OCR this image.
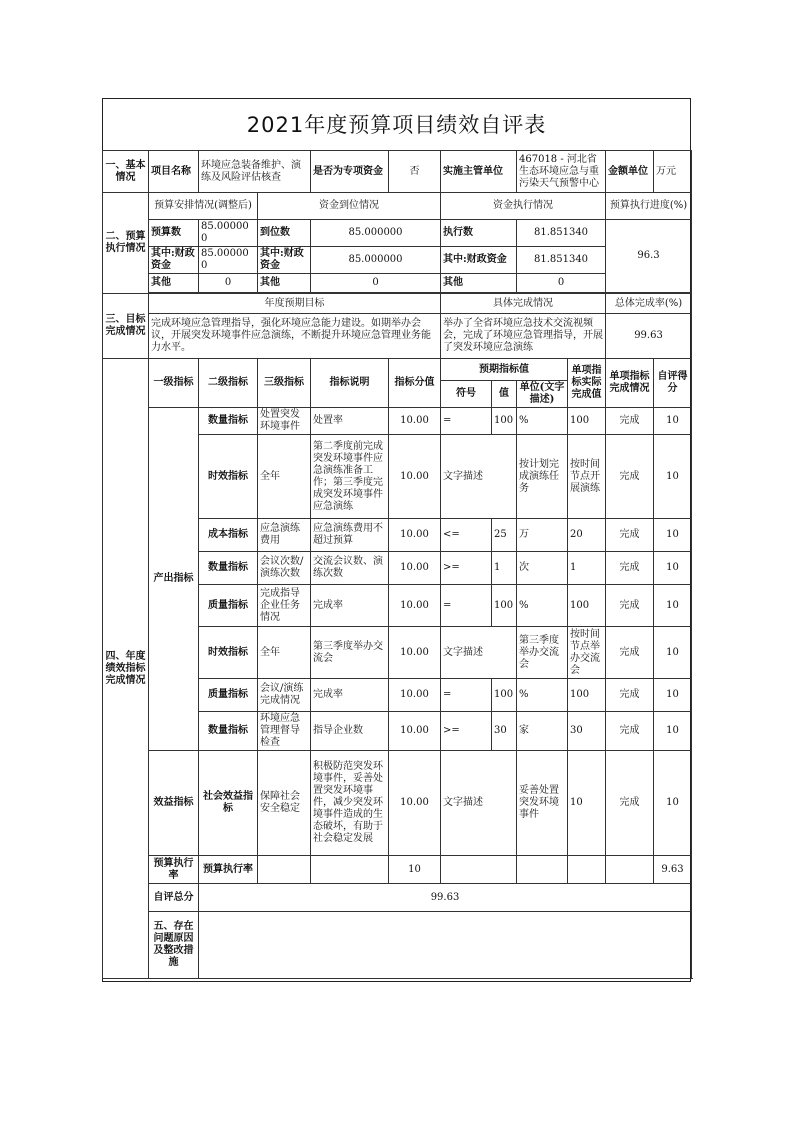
2021年度预算项目绩效自评表
一、基本情况	项目名称	环境应急装备维护、演练及风险评估核查		是否为专项资金	否	实施主管单位		467018 - 河北省生态环境应急与重污染天气预警中心		金额单位	万元
二、预算执行情况	预算安排情况(调整后)		资金到位情况			资金执行情况				预算执行进度(%)	
	预算数	85.000000	到位数	85.000000		执行数		81.851340		96.3	
	其中:财政资金	85.000000	其中:财政资金	85.000000		其中:财政资金		81.851340			
	其他	0	其他	0		其他		0			

三、目标完成情况	年度预期目标					具体完成情况				总体完成率(%)	
	完成环境应急管理指导，强化环境应急能力建设。如期举办会议，开展突发环境事件应急演练，不断提升环境应急管理业务能力水平。					举办了全省环境应急技术交流视频会，完成了环境应急管理指导，开展了突发环境应急演练				99.63	
四、年度绩效指标完成情况	一级指标	二级指标	三级指标	指标说明	指标分值	预期指标值			单项指标实际完成值	单项指标完成情况	自评得分
						符号	值	单位(文字描述)			
	产出指标	数量指标	处置突发环境事件	处置率	10.00	=	100	%	100	完成	10
		时效指标	全年	第二季度前完成突发环境事件应急演练准备工作；第三季度完成突发环境事件应急演练	10.00	文字描述		按计划完成演练任务	按时间节点开展演练	完成	10
		成本指标	应急演练费用	应急演练费用不超过预算	10.00	<=	25	万	20	完成	10
		数量指标	会议次数/演练次数	交流会议数、演练次数	10.00	>=	1	次	1	完成	10
		质量指标	完成指导企业任务情况	完成率	10.00	=	100	%	100	完成	10
		时效指标	全年	第三季度举办交流会	10.00	文字描述		第三季度举办交流会	按时间节点举办交流会	完成	10
		质量指标	会议/演练完成情况	完成率	10.00	=	100	%	100	完成	10
		数量指标	环境应急管理督导检查	指导企业数	10.00	>=	30	家	30	完成	10
	效益指标	社会效益指标	保障社会安全稳定	积极防范突发环境事件，妥善处置突发环境事件，减少突发环境事件造成的生态破坏，有助于社会稳定发展	10.00	文字描述		妥善处置突发环境事件	10	完成	10
	预算执行率	预算执行率			10						9.63
	自评总分	99.63									
	五、存在问题原因及整改措施										
